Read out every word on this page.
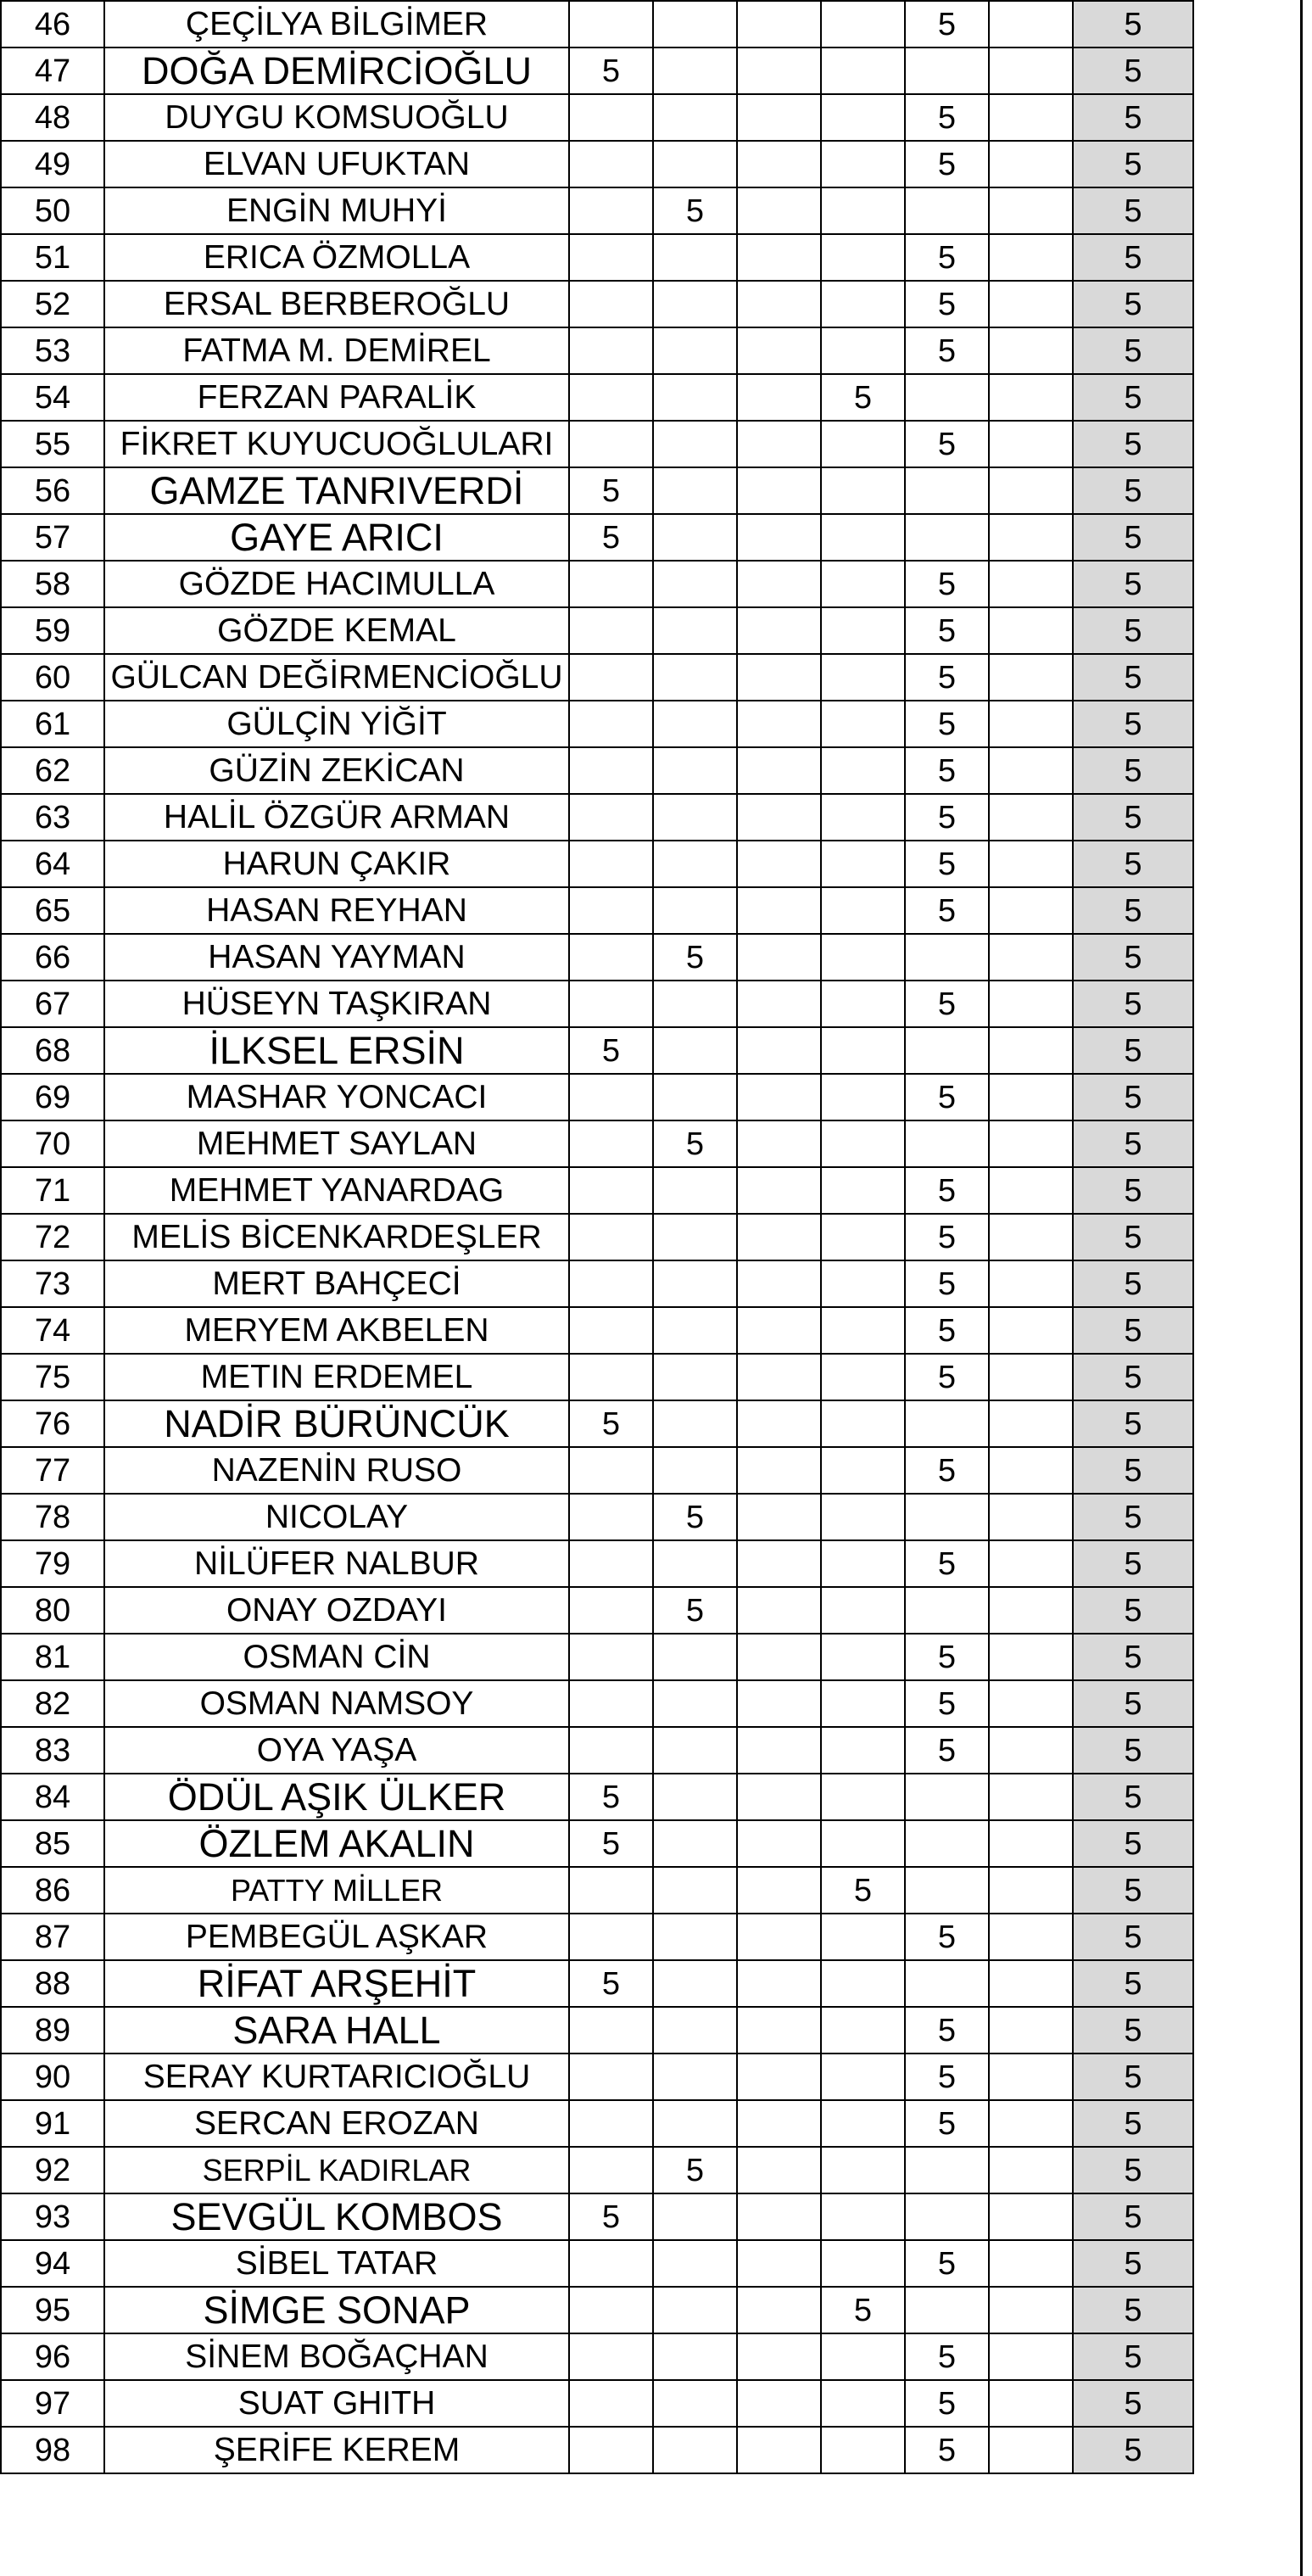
46	ÇEÇİLYA BİLGİMER					5		5
47	DOĞA DEMİRCİOĞLU	5						5
48	DUYGU KOMSUOĞLU					5		5
49	ELVAN UFUKTAN					5		5
50	ENGİN MUHYİ		5					5
51	ERICA ÖZMOLLA					5		5
52	ERSAL BERBEROĞLU					5		5
53	FATMA M. DEMİREL					5		5
54	FERZAN PARALİK				5			5
55	FİKRET KUYUCUOĞLULARI					5		5
56	GAMZE TANRIVERDİ	5						5
57	GAYE ARICI	5						5
58	GÖZDE HACIMULLA					5		5
59	GÖZDE KEMAL					5		5
60	GÜLCAN DEĞİRMENCİOĞLU					5		5
61	GÜLÇİN YİĞİT					5		5
62	GÜZİN ZEKİCAN					5		5
63	HALİL ÖZGÜR ARMAN					5		5
64	HARUN ÇAKIR					5		5
65	HASAN REYHAN					5		5
66	HASAN YAYMAN		5					5
67	HÜSEYN TAŞKIRAN					5		5
68	İLKSEL ERSİN	5						5
69	MASHAR YONCACI					5		5
70	MEHMET SAYLAN		5					5
71	MEHMET YANARDAG					5		5
72	MELİS BİCENKARDEŞLER					5		5
73	MERT BAHÇECİ					5		5
74	MERYEM AKBELEN					5		5
75	METIN ERDEMEL					5		5
76	NADİR BÜRÜNCÜK	5						5
77	NAZENİN RUSO					5		5
78	NICOLAY		5					5
79	NİLÜFER NALBUR					5		5
80	ONAY OZDAYI		5					5
81	OSMAN CİN					5		5
82	OSMAN NAMSOY					5		5
83	OYA YAŞA					5		5
84	ÖDÜL AŞIK ÜLKER	5						5
85	ÖZLEM AKALIN	5						5
86	PATTY MİLLER				5			5
87	PEMBEGÜL AŞKAR					5		5
88	RİFAT ARŞEHİT	5						5
89	SARA HALL					5		5
90	SERAY KURTARICIOĞLU					5		5
91	SERCAN EROZAN					5		5
92	SERPİL KADIRLAR		5					5
93	SEVGÜL KOMBOS	5						5
94	SİBEL TATAR					5		5
95	SİMGE SONAP				5			5
96	SİNEM BOĞAÇHAN					5		5
97	SUAT GHITH					5		5
98	ŞERİFE KEREM					5		5
